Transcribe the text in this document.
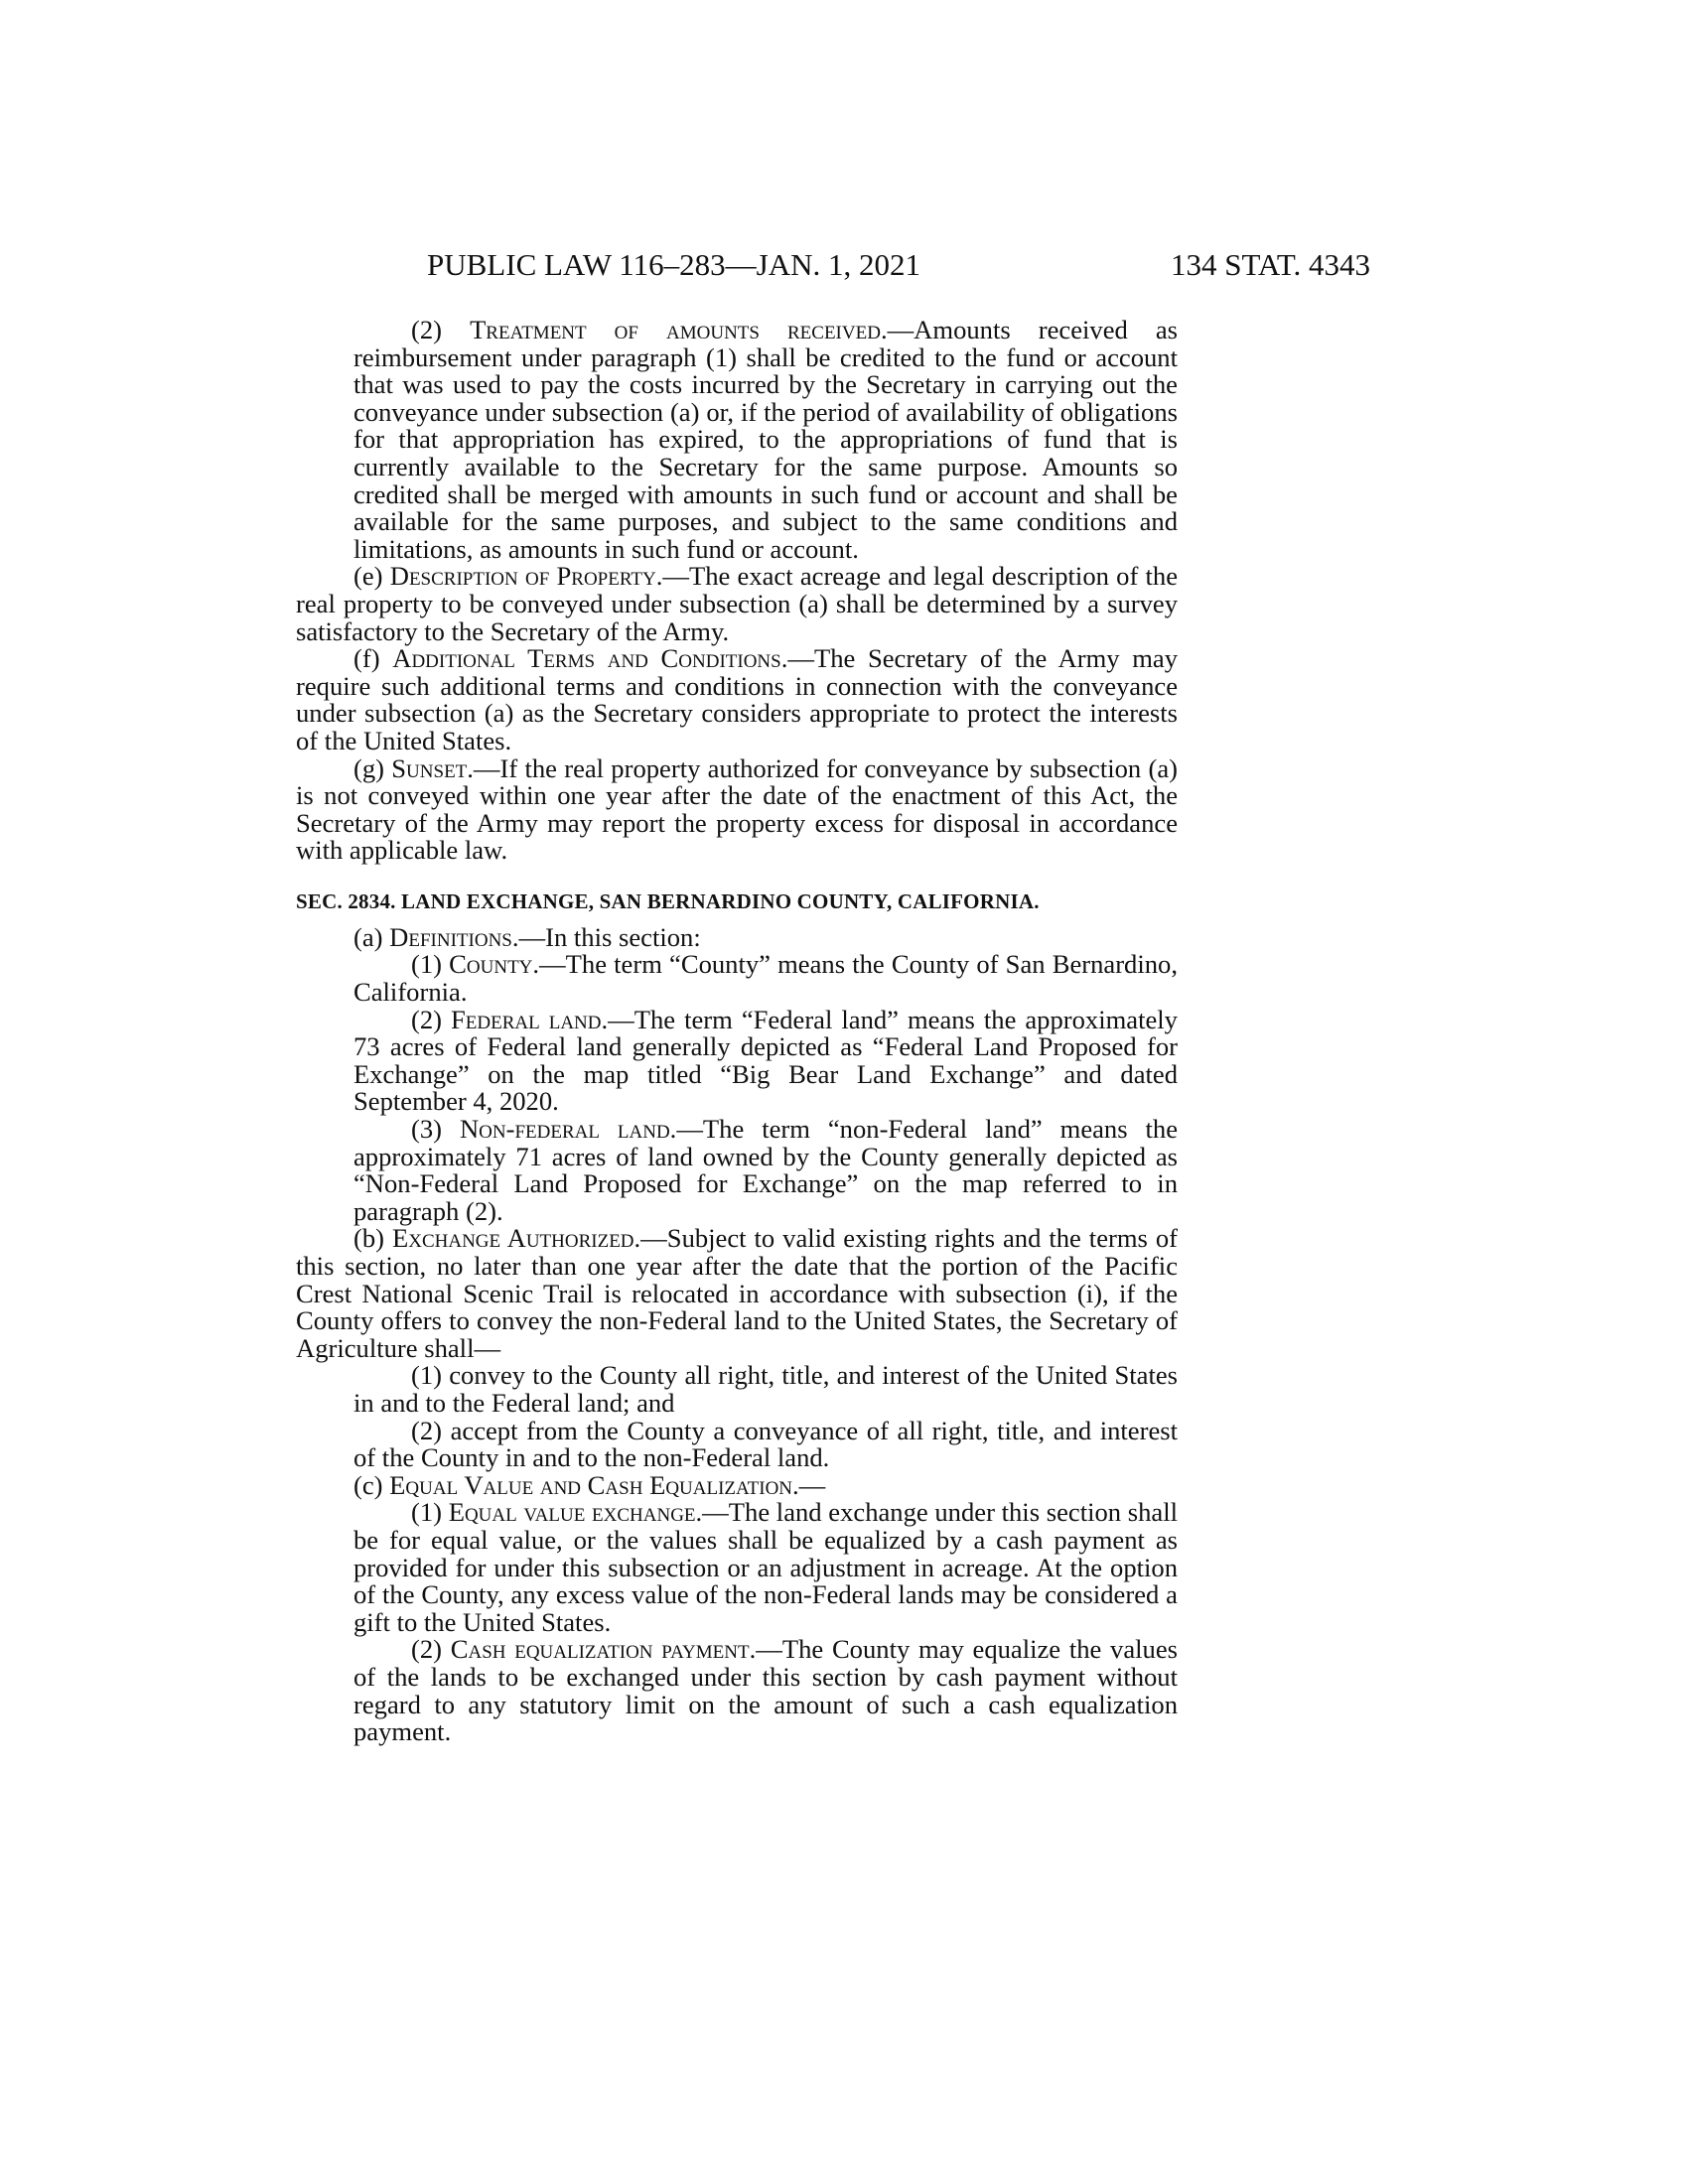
PUBLIC LAW 116–283—JAN. 1, 2021	134 STAT. 4343

(2) Treatment of amounts received.—Amounts received as reimbursement under paragraph (1) shall be credited to the fund or account that was used to pay the costs incurred by the Secretary in carrying out the conveyance under subsection (a) or, if the period of availability of obligations for that appropriation has expired, to the appropriations of fund that is currently available to the Secretary for the same purpose. Amounts so credited shall be merged with amounts in such fund or account and shall be available for the same purposes, and subject to the same conditions and limitations, as amounts in such fund or account.

(e) Description of Property.—The exact acreage and legal description of the real property to be conveyed under subsection (a) shall be determined by a survey satisfactory to the Secretary of the Army.

(f) Additional Terms and Conditions.—The Secretary of the Army may require such additional terms and conditions in connection with the conveyance under subsection (a) as the Secretary considers appropriate to protect the interests of the United States.

(g) Sunset.—If the real property authorized for conveyance by subsection (a) is not conveyed within one year after the date of the enactment of this Act, the Secretary of the Army may report the property excess for disposal in accordance with applicable law.

SEC. 2834. LAND EXCHANGE, SAN BERNARDINO COUNTY, CALIFORNIA.

(a) Definitions.—In this section:

(1) County.—The term “County” means the County of San Bernardino, California.

(2) Federal land.—The term “Federal land” means the approximately 73 acres of Federal land generally depicted as “Federal Land Proposed for Exchange” on the map titled “Big Bear Land Exchange” and dated September 4, 2020.

(3) Non-federal land.—The term “non-Federal land” means the approximately 71 acres of land owned by the County generally depicted as “Non-Federal Land Proposed for Exchange” on the map referred to in paragraph (2).

(b) Exchange Authorized.—Subject to valid existing rights and the terms of this section, no later than one year after the date that the portion of the Pacific Crest National Scenic Trail is relocated in accordance with subsection (i), if the County offers to convey the non-Federal land to the United States, the Secretary of Agriculture shall—

(1) convey to the County all right, title, and interest of the United States in and to the Federal land; and

(2) accept from the County a conveyance of all right, title, and interest of the County in and to the non-Federal land.

(c) Equal Value and Cash Equalization.—

(1) Equal value exchange.—The land exchange under this section shall be for equal value, or the values shall be equalized by a cash payment as provided for under this subsection or an adjustment in acreage. At the option of the County, any excess value of the non-Federal lands may be considered a gift to the United States.

(2) Cash equalization payment.—The County may equalize the values of the lands to be exchanged under this section by cash payment without regard to any statutory limit on the amount of such a cash equalization payment.
